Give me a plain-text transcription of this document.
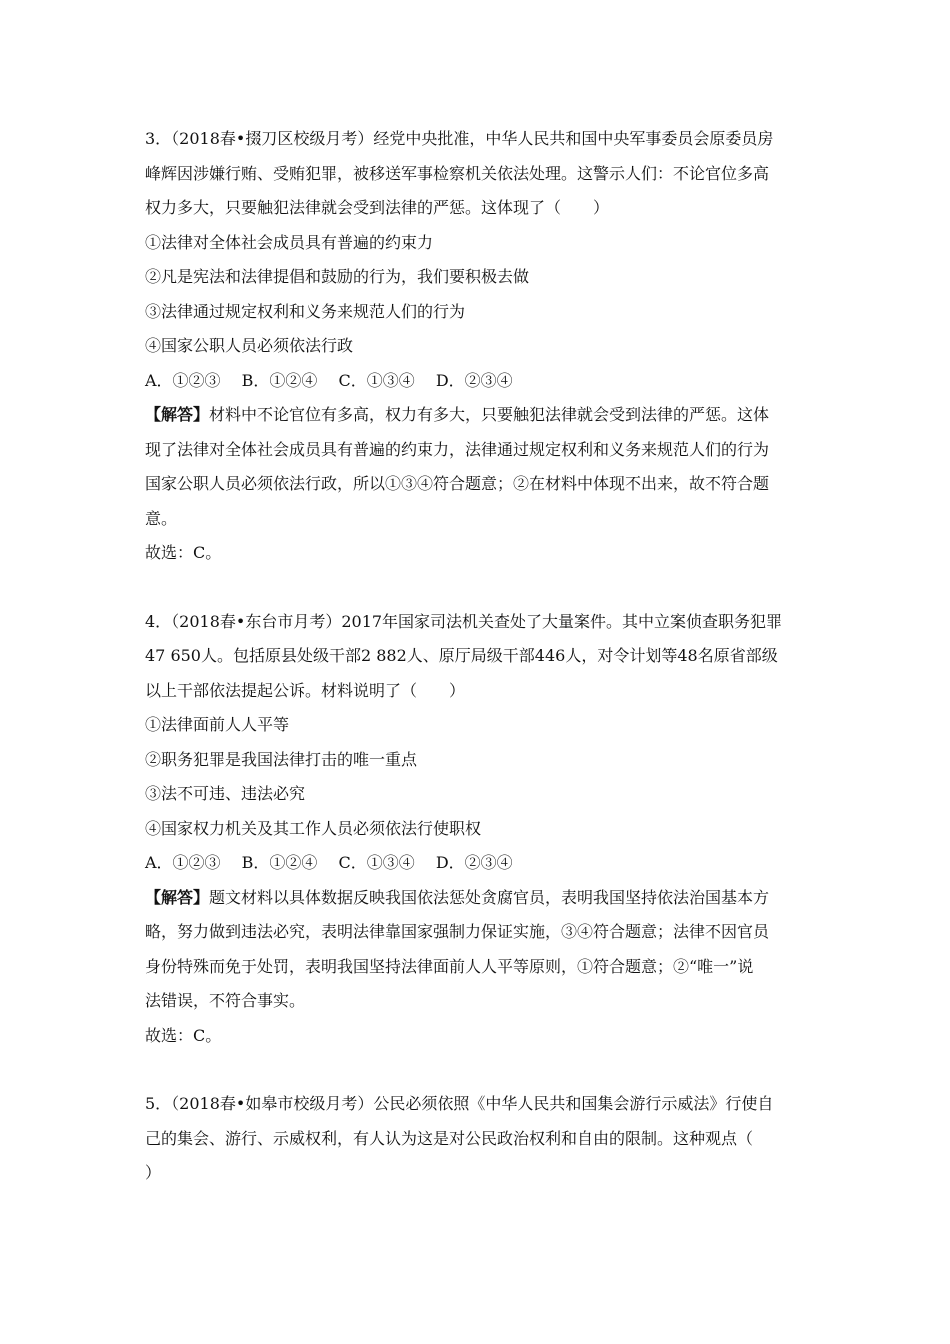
3．（2018春•掇刀区校级月考）经党中央批准，中华人民共和国中央军事委员会原委员房
峰辉因涉嫌行贿、受贿犯罪，被移送军事检察机关依法处理。这警示人们：不论官位多高
权力多大，只要触犯法律就会受到法律的严惩。这体现了（　　）
①法律对全体社会成员具有普遍的约束力
②凡是宪法和法律提倡和鼓励的行为，我们要积极去做
③法律通过规定权利和义务来规范人们的行为
④国家公职人员必须依法行政
A．①②③　 B．①②④　 C．①③④　 D．②③④
【解答】材料中不论官位有多高，权力有多大，只要触犯法律就会受到法律的严惩。这体
现了法律对全体社会成员具有普遍的约束力，法律通过规定权利和义务来规范人们的行为
国家公职人员必须依法行政，所以①③④符合题意；②在材料中体现不出来，故不符合题
意。
故选：C。
4．（2018春•东台市月考）2017年国家司法机关查处了大量案件。其中立案侦查职务犯罪
47 650人。包括原县处级干部2 882人、原厅局级干部446人，对令计划等48名原省部级
以上干部依法提起公诉。材料说明了（　　）
①法律面前人人平等
②职务犯罪是我国法律打击的唯一重点
③法不可违、违法必究
④国家权力机关及其工作人员必须依法行使职权
A．①②③　 B．①②④　 C．①③④　 D．②③④
【解答】题文材料以具体数据反映我国依法惩处贪腐官员，表明我国坚持依法治国基本方
略，努力做到违法必究，表明法律靠国家强制力保证实施，③④符合题意；法律不因官员
身份特殊而免于处罚，表明我国坚持法律面前人人平等原则，①符合题意；②“唯一”说
法错误，不符合事实。
故选：C。
5．（2018春•如皋市校级月考）公民必须依照《中华人民共和国集会游行示威法》行使自
己的集会、游行、示威权利，有人认为这是对公民政治权利和自由的限制。这种观点（
）
